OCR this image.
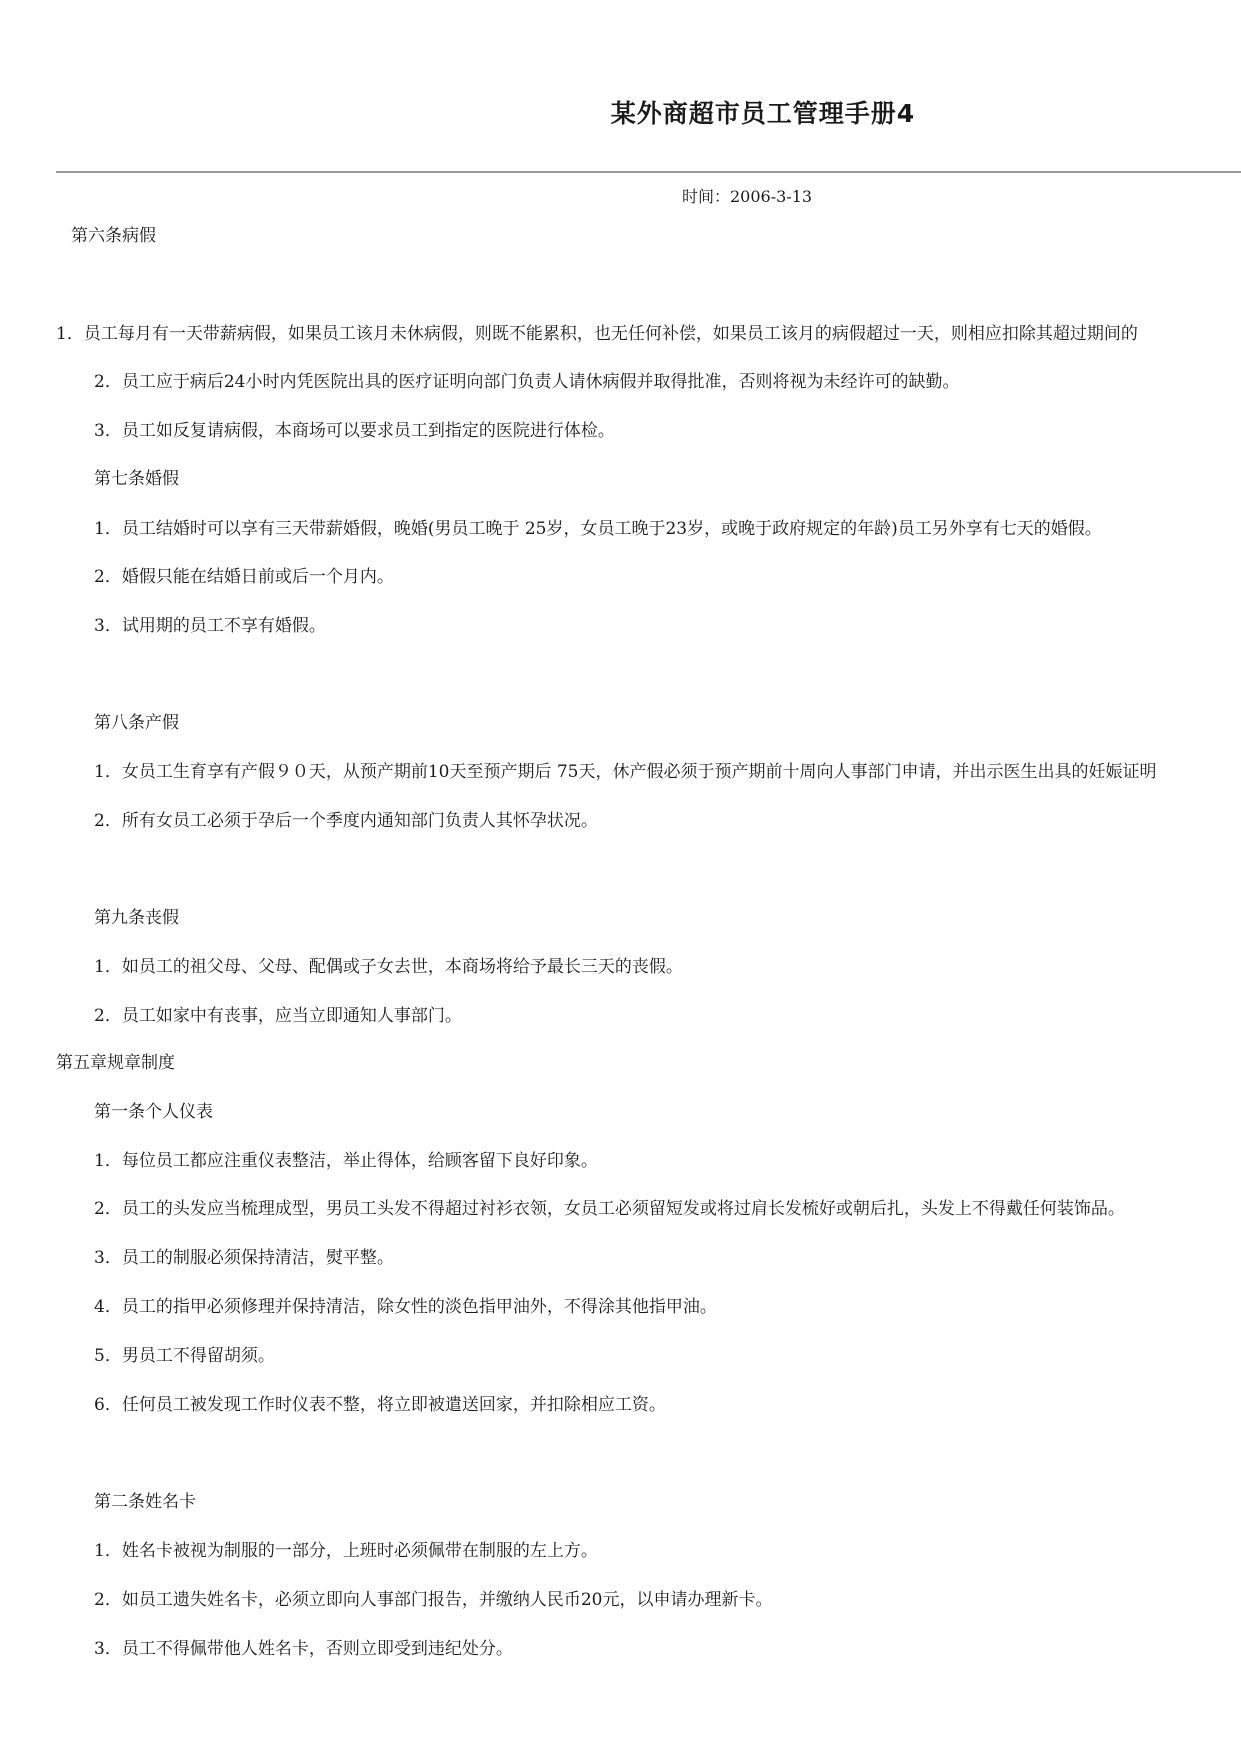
某外商超市员工管理手册4
时间：2006-3-13
第六条病假
1．员工每月有一天带薪病假，如果员工该月未休病假，则既不能累积，也无任何补偿，如果员工该月的病假超过一天，则相应扣除其超过期间的
2．员工应于病后24小时内凭医院出具的医疗证明向部门负责人请休病假并取得批准，否则将视为未经许可的缺勤。
3．员工如反复请病假，本商场可以要求员工到指定的医院进行体检。
第七条婚假
1．员工结婚时可以享有三天带薪婚假，晚婚(男员工晚于 25岁，女员工晚于23岁，或晚于政府规定的年龄)员工另外享有七天的婚假。
2．婚假只能在结婚日前或后一个月内。
3．试用期的员工不享有婚假。
第八条产假
1．女员工生育享有产假９０天，从预产期前10天至预产期后 75天，休产假必须于预产期前十周向人事部门申请，并出示医生出具的妊娠证明
2．所有女员工必须于孕后一个季度内通知部门负责人其怀孕状况。
第九条丧假
1．如员工的祖父母、父母、配偶或子女去世，本商场将给予最长三天的丧假。
2．员工如家中有丧事，应当立即通知人事部门。
第五章规章制度
第一条个人仪表
1．每位员工都应注重仪表整洁，举止得体，给顾客留下良好印象。
2．员工的头发应当梳理成型，男员工头发不得超过衬衫衣领，女员工必须留短发或将过肩长发梳好或朝后扎，头发上不得戴任何装饰品。
3．员工的制服必须保持清洁，熨平整。
4．员工的指甲必须修理并保持清洁，除女性的淡色指甲油外，不得涂其他指甲油。
5．男员工不得留胡须。
6．任何员工被发现工作时仪表不整，将立即被遣送回家，并扣除相应工资。
第二条姓名卡
1．姓名卡被视为制服的一部分，上班时必须佩带在制服的左上方。
2．如员工遗失姓名卡，必须立即向人事部门报告，并缴纳人民币20元，以申请办理新卡。
3．员工不得佩带他人姓名卡，否则立即受到违纪处分。
